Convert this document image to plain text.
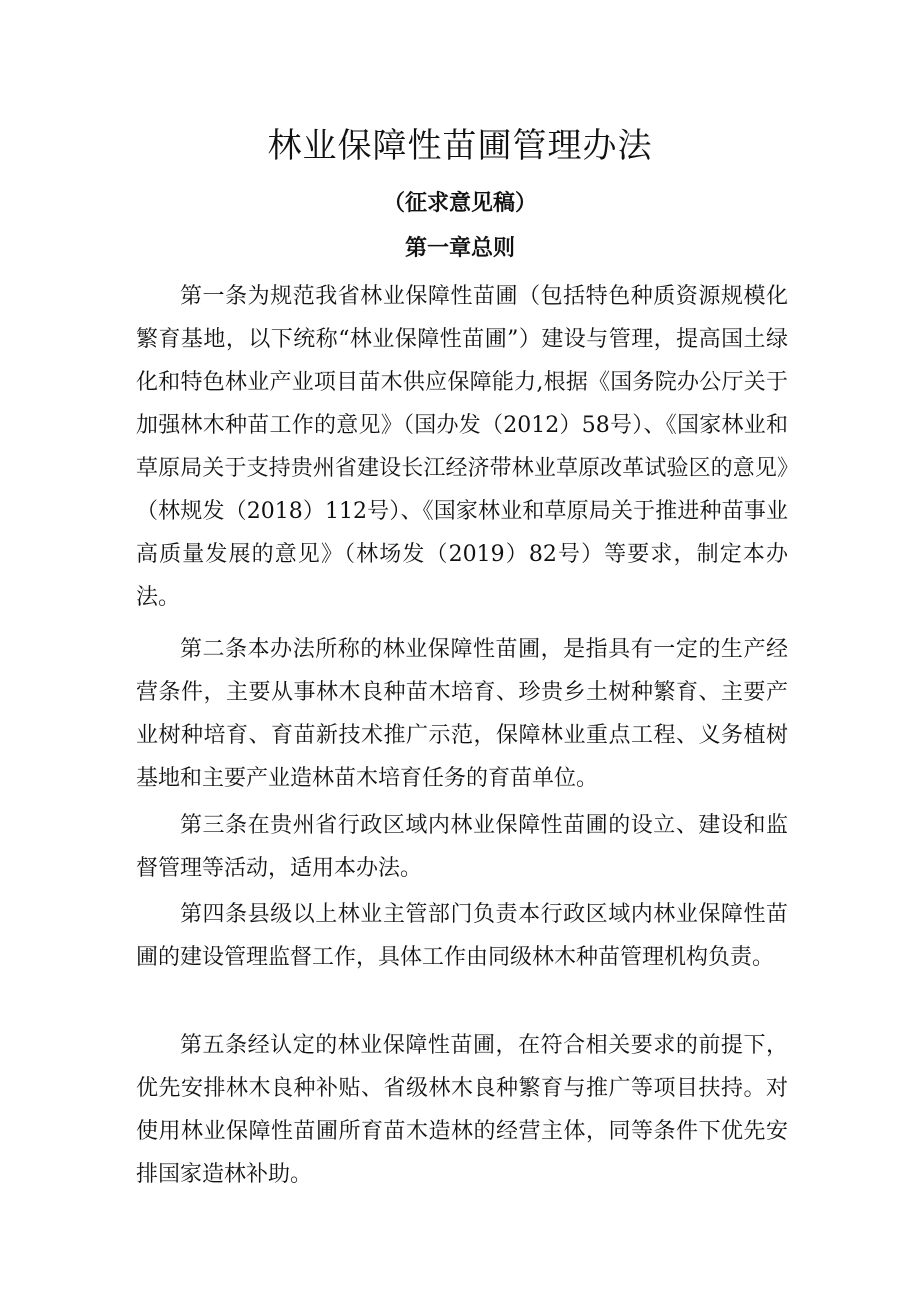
林业保障性苗圃管理办法
（征求意见稿）
第一章总则

第一条为规范我省林业保障性苗圃（包括特色种质资源规模化繁育基地，以下统称“林业保障性苗圃”）建设与管理，提高国土绿化和特色林业产业项目苗木供应保障能力,根据《国务院办公厅关于加强林木种苗工作的意见》（国办发（2012）58号）、《国家林业和草原局关于支持贵州省建设长江经济带林业草原改革试验区的意见》（林规发（2018）112号）、《国家林业和草原局关于推进种苗事业高质量发展的意见》（林场发（2019）82号）等要求，制定本办法。

第二条本办法所称的林业保障性苗圃，是指具有一定的生产经营条件，主要从事林木良种苗木培育、珍贵乡土树种繁育、主要产业树种培育、育苗新技术推广示范，保障林业重点工程、义务植树基地和主要产业造林苗木培育任务的育苗单位。

第三条在贵州省行政区域内林业保障性苗圃的设立、建设和监督管理等活动，适用本办法。

第四条县级以上林业主管部门负责本行政区域内林业保障性苗圃的建设管理监督工作，具体工作由同级林木种苗管理机构负责。

第五条经认定的林业保障性苗圃，在符合相关要求的前提下，优先安排林木良种补贴、省级林木良种繁育与推广等项目扶持。对使用林业保障性苗圃所育苗木造林的经营主体，同等条件下优先安排国家造林补助。
